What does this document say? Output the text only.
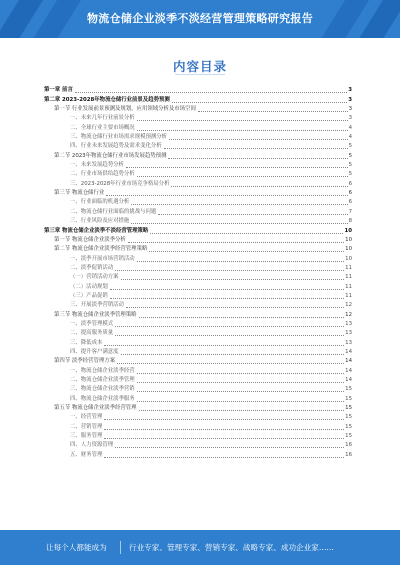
物流仓储企业淡季不淡经营管理策略研究报告
内容目录
第一章 前言	3
第二章 2023-2028年物流仓储行业前景及趋势预测	3
第一节 行业发展前景预测及规划，应用领域分析及市场空间	3
一、未来几年行业前景分析	3
二、全球行业主要市场概况	4
三、物流仓储行业市场需求规模预测分析	4
四、行业未来发展趋势及需求变化分析	5
第二节 2023年物流仓储行业市场发展趋势预测	5
一、未来发展趋势分析	5
二、行业市场供给趋势分析	5
三、2023-2028年行业市场竞争格局分析	6
第三节 物流仓储行业	6
一、行业面临的机遇分析	6
二、物流仓储行业面临的挑战与问题	7
三、行业风险及应对措施	8
第三章 物流仓储企业淡季不淡经营管理策略	10
第一节 物流仓储企业淡季分析	10
第二节 物流仓储企业淡季经营管理策略	10
一、淡季开展市场营销活动	10
二、淡季促销活动	11
（一）营销活动方案	11
（二）活动规划	11
（三）产品促销	11
三、开展淡季营销活动	12
第三节 物流仓储企业淡季管理策略	12
一、淡季管理模式	13
二、提高服务质量	13
三、降低成本	13
四、提升客户满意度	14
第四节 淡季经营管理方案	14
一、物流仓储企业淡季经营	14
二、物流仓储企业淡季管理	14
三、物流仓储企业淡季营销	15
四、物流仓储企业淡季服务	15
第五节 物流仓储企业淡季经营管理	15
一、经营管理	15
二、营销管理	15
三、服务管理	15
四、人力资源管理	16
五、财务管理	16
让每个人都能成为	行业专家、管理专家、营销专家、战略专家、成功企业家……
